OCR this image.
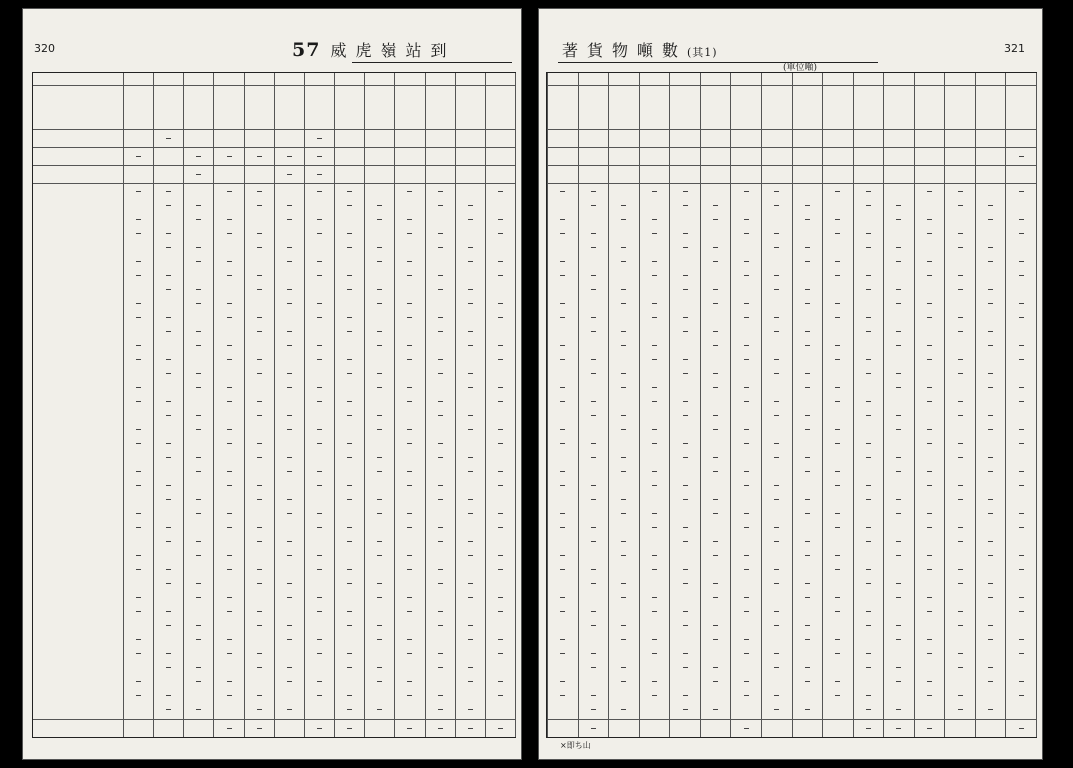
320	57 威虎嶺站到	321
著貨物噸數(其1)
(單位噸)
×即ち山
